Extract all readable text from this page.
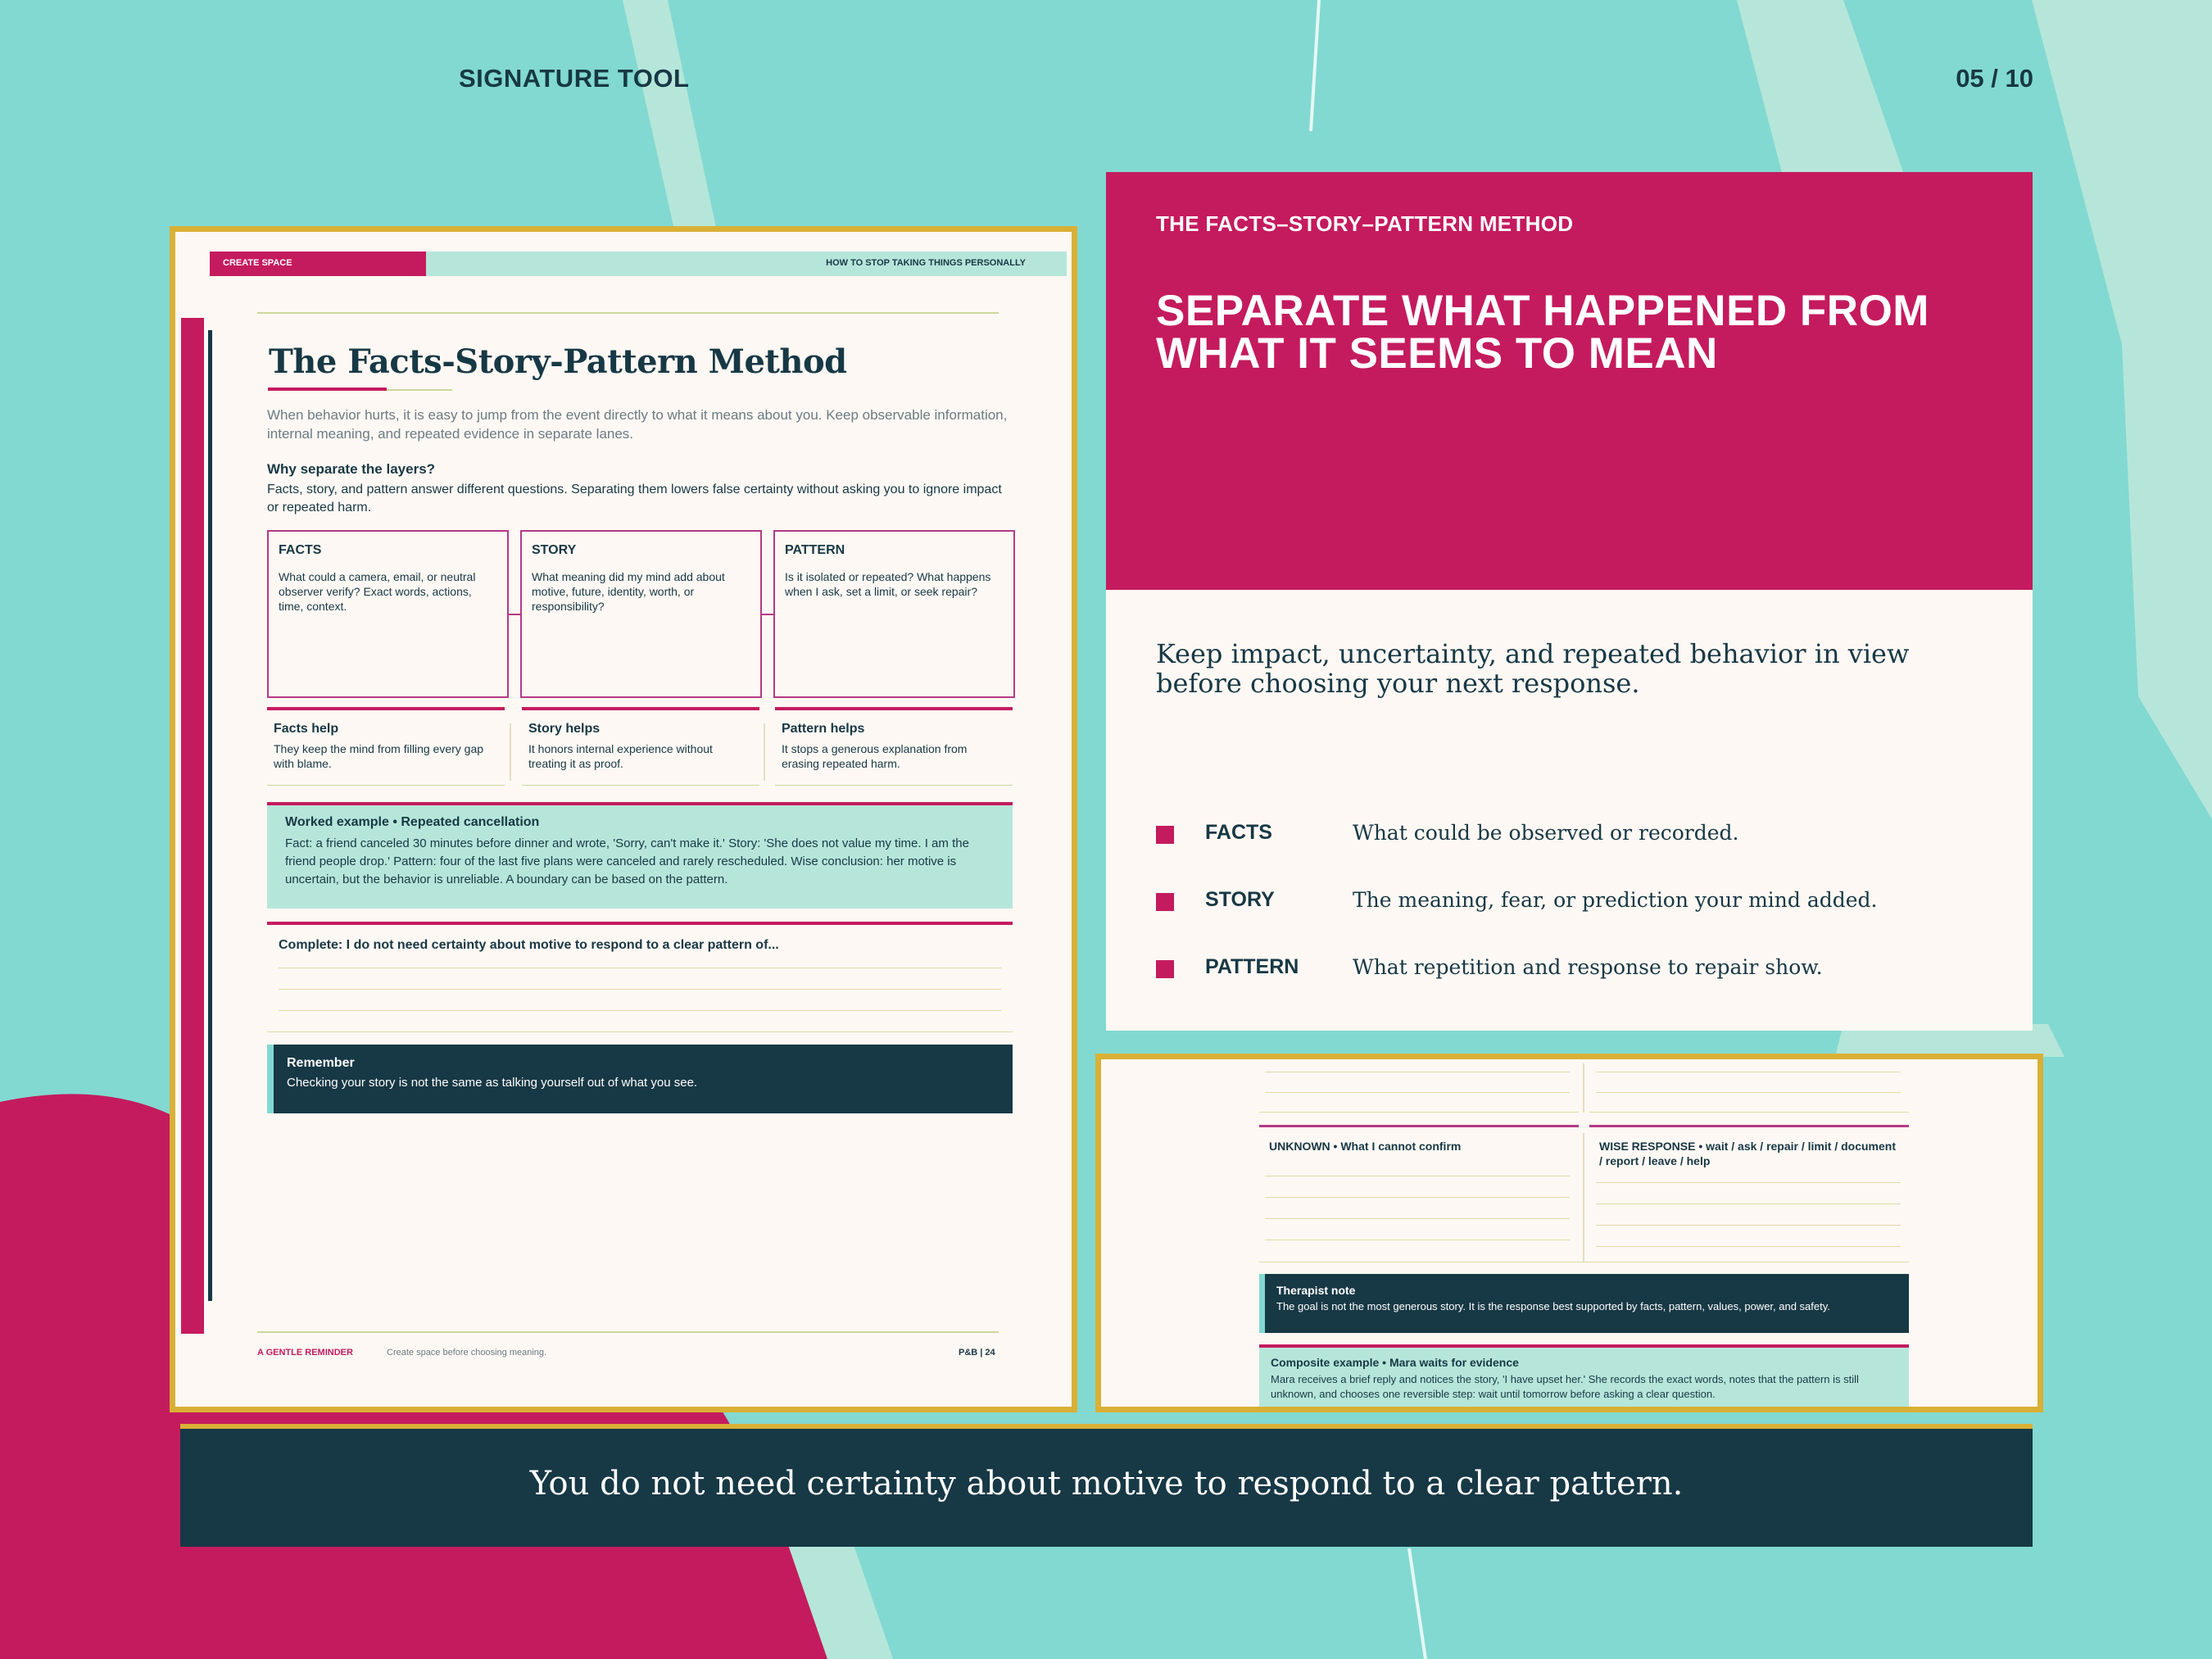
SIGNATURE TOOL	05 / 10
CREATE SPACE	HOW TO STOP TAKING THINGS PERSONALLY
The Facts-Story-Pattern Method
When behavior hurts, it is easy to jump from the event directly to what it means about you. Keep observable information, internal meaning, and repeated evidence in separate lanes.
Why separate the layers?
Facts, story, and pattern answer different questions. Separating them lowers false certainty without asking you to ignore impact or repeated harm.
FACTS
What could a camera, email, or neutral observer verify? Exact words, actions, time, context.
STORY
What meaning did my mind add about motive, future, identity, worth, or responsibility?
PATTERN
Is it isolated or repeated? What happens when I ask, set a limit, or seek repair?
Facts help
They keep the mind from filling every gap with blame.
Story helps
It honors internal experience without treating it as proof.
Pattern helps
It stops a generous explanation from erasing repeated harm.
Worked example • Repeated cancellation
Fact: a friend canceled 30 minutes before dinner and wrote, 'Sorry, can't make it.' Story: 'She does not value my time. I am the friend people drop.' Pattern: four of the last five plans were canceled and rarely rescheduled. Wise conclusion: her motive is uncertain, but the behavior is unreliable. A boundary can be based on the pattern.
Complete: I do not need certainty about motive to respond to a clear pattern of...
Remember
Checking your story is not the same as talking yourself out of what you see.
A GENTLE REMINDER	Create space before choosing meaning.	P&B | 24
THE FACTS–STORY–PATTERN METHOD
SEPARATE WHAT HAPPENED FROM WHAT IT SEEMS TO MEAN
Keep impact, uncertainty, and repeated behavior in view before choosing your next response.
FACTS	What could be observed or recorded.
STORY	The meaning, fear, or prediction your mind added.
PATTERN	What repetition and response to repair show.
UNKNOWN • What I cannot confirm	WISE RESPONSE • wait / ask / repair / limit / document / report / leave / help
Therapist note
The goal is not the most generous story. It is the response best supported by facts, pattern, values, power, and safety.
Composite example • Mara waits for evidence
Mara receives a brief reply and notices the story, 'I have upset her.' She records the exact words, notes that the pattern is still unknown, and chooses one reversible step: wait until tomorrow before asking a clear question.
You do not need certainty about motive to respond to a clear pattern.
